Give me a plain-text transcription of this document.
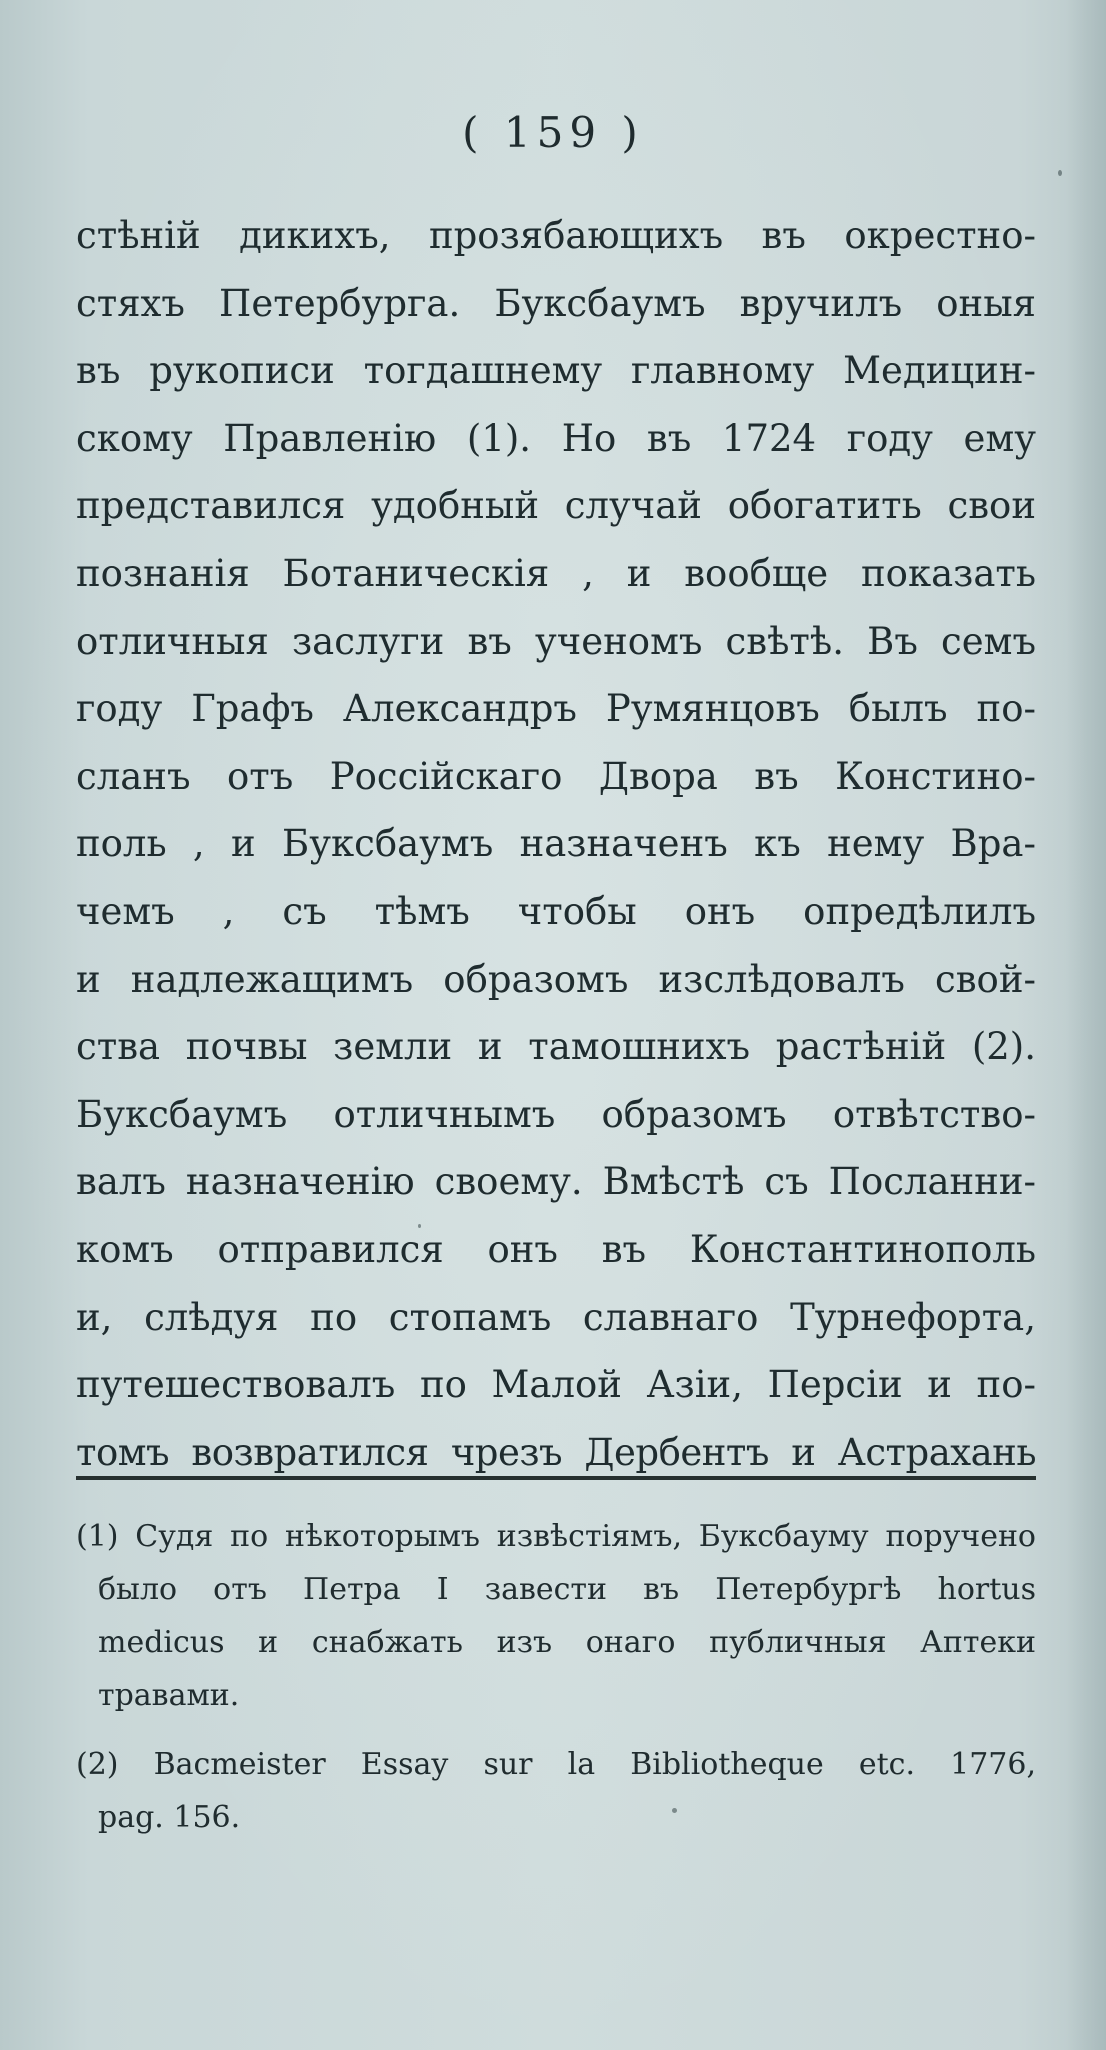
( 159 )
стѣній дикихъ, прозябающихъ въ окрестно-
стяхъ Петербурга. Буксбаумъ вручилъ оныя
въ рукописи тогдашнему главному Медицин-
скому Правленію (1). Но въ 1724 году ему
представился удобный случай обогатить свои
познанія Ботаническія , и вообще показать
отличныя заслуги въ ученомъ свѣтѣ. Въ семъ
году Графъ Александръ Румянцовъ былъ по-
сланъ отъ Россійскаго Двора въ Констино-
поль , и Буксбаумъ назначенъ къ нему Вра-
чемъ , съ тѣмъ чтобы онъ опредѣлилъ
и надлежащимъ образомъ изслѣдовалъ свой-
ства почвы земли и тамошнихъ растѣній (2).
Буксбаумъ отличнымъ образомъ отвѣтство-
валъ назначенію своему. Вмѣстѣ съ Посланни-
комъ отправился онъ въ Константинополь
и, слѣдуя по стопамъ славнаго Турнефорта,
путешествовалъ по Малой Азіи, Персіи и по-
томъ возвратился чрезъ Дербентъ и Астрахань
(1) Судя по нѣкоторымъ извѣстіямъ, Буксбауму поручено
было отъ Петра I завести въ Петербургѣ hortus
medicus и снабжать изъ онаго публичныя Аптеки
травами.
(2) Bacmeister Essay sur la Bibliotheque etc. 1776,
pag. 156.
